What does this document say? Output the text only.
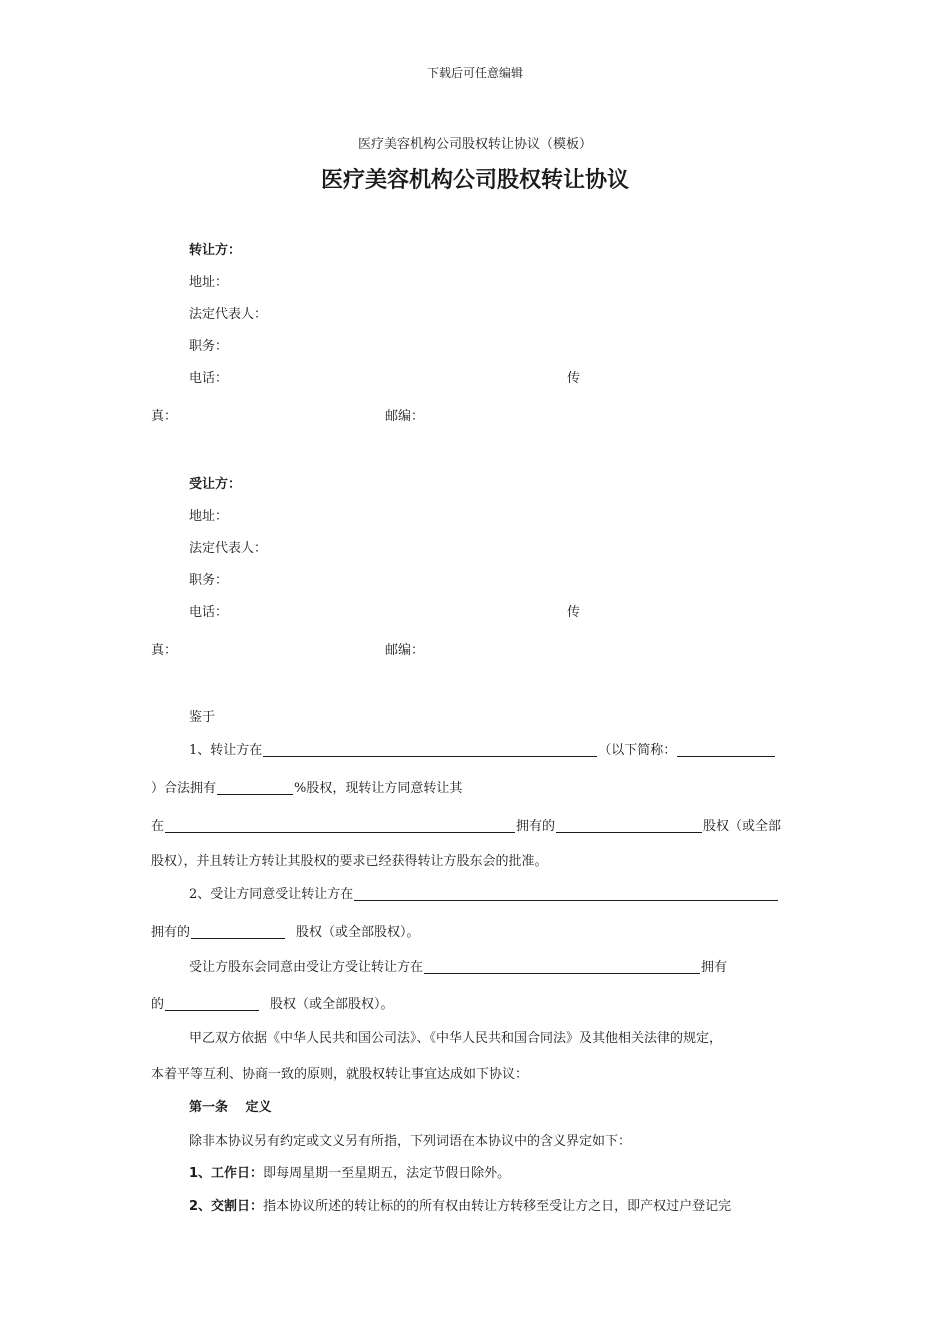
下载后可任意编辑
医疗美容机构公司股权转让协议（模板）
医疗美容机构公司股权转让协议
转让方：
地址：
法定代表人：
职务：
电话：	传
真：	邮编：
受让方：
地址：
法定代表人：
职务：
电话：	传
真：	邮编：
鉴于
1、转让方在	（以下简称：
）合法拥有	%股权，现转让方同意转让其
在	拥有的	股权（或全部
股权），并且转让方转让其股权的要求已经获得转让方股东会的批准。
2、受让方同意受让转让方在
拥有的	股权（或全部股权）。
受让方股东会同意由受让方受让转让方在	拥有
的	股权（或全部股权）。
甲乙双方依据《中华人民共和国公司法》、《中华人民共和国合同法》及其他相关法律的规定，
本着平等互利、协商一致的原则，就股权转让事宜达成如下协议：
第一条　 定义
除非本协议另有约定或文义另有所指，下列词语在本协议中的含义界定如下：
1、工作日：即每周星期一至星期五，法定节假日除外。
2、交割日：指本协议所述的转让标的的所有权由转让方转移至受让方之日，即产权过户登记完
